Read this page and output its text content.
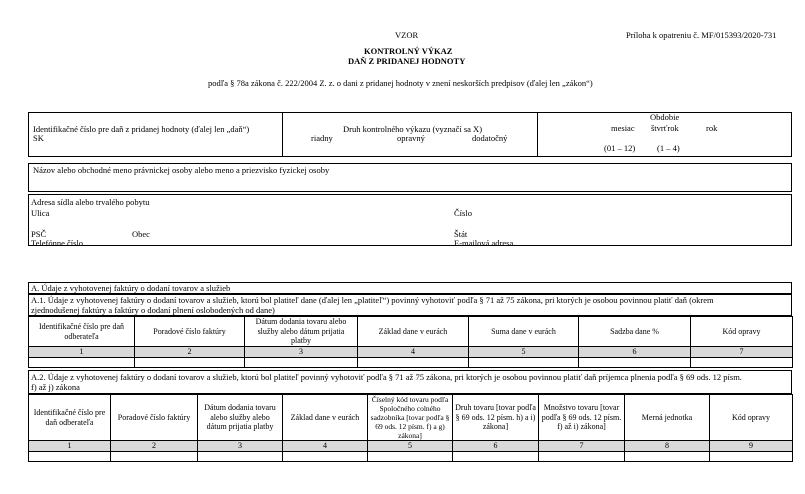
VZOR	Príloha k opatreniu č. MF/015393/2020-731
KONTROLNÝ VÝKAZ
DAŇ Z PRIDANEJ HODNOTY
podľa § 78a zákona č. 222/2004 Z. z. o dani z pridanej hodnoty v znení neskorších predpisov (ďalej len „zákon“)
Identifikačné číslo pre daň z pridanej hodnoty (ďalej len „daň“)
SK
Druh kontrolného výkazu (vyznačí sa X)
riadny	opravný	dodatočný
Obdobie
mesiac štvrťrok	rok
(01 – 12)	(1 – 4)
Názov alebo obchodné meno právnickej osoby alebo meno a priezvisko fyzickej osoby
Adresa sídla alebo trvalého pobytu
Ulica	Číslo
PSČ	Obec	Štát
Telefónne číslo	E-mailová adresa
A. Údaje z vyhotovenej faktúry o dodaní tovarov a služieb
A.1. Údaje z vyhotovenej faktúry o dodaní tovarov a služieb, ktorú bol platiteľ dane (ďalej len „platiteľ“) povinný vyhotoviť podľa § 71 až 75 zákona, pri ktorých je osobou povinnou platiť daň (okrem
zjednodušenej faktúry a faktúry o dodaní plnení oslobodených od dane)
Identifikačné číslo pre daň odberateľa	Poradové číslo faktúry	Dátum dodania tovaru alebo služby alebo dátum prijatia platby	Základ dane v eurách	Suma dane v eurách	Sadzba dane %	Kód opravy
1	2	3	4	5	6	7

A.2. Údaje z vyhotovenej faktúry o dodaní tovarov a služieb, ktorú bol platiteľ povinný vyhotoviť podľa § 71 až 75 zákona, pri ktorých je osobou povinnou platiť daň príjemca plnenia podľa § 69 ods. 12 písm.
f) až j) zákona
Identifikačné číslo pre daň odberateľa	Poradové číslo faktúry	Dátum dodania tovaru alebo služby alebo dátum prijatia platby	Základ dane v eurách	Číselný kód tovaru podľa Spoločného colného sadzobníka [tovar podľa § 69 ods. 12 písm. f) a g) zákona]	Druh tovaru [tovar podľa § 69 ods. 12 písm. h) a i) zákona]	Množstvo tovaru [tovar podľa § 69 ods. 12 písm. f) až i) zákona]	Merná jednotka	Kód opravy
1	2	3	4	5	6	7	8	9
